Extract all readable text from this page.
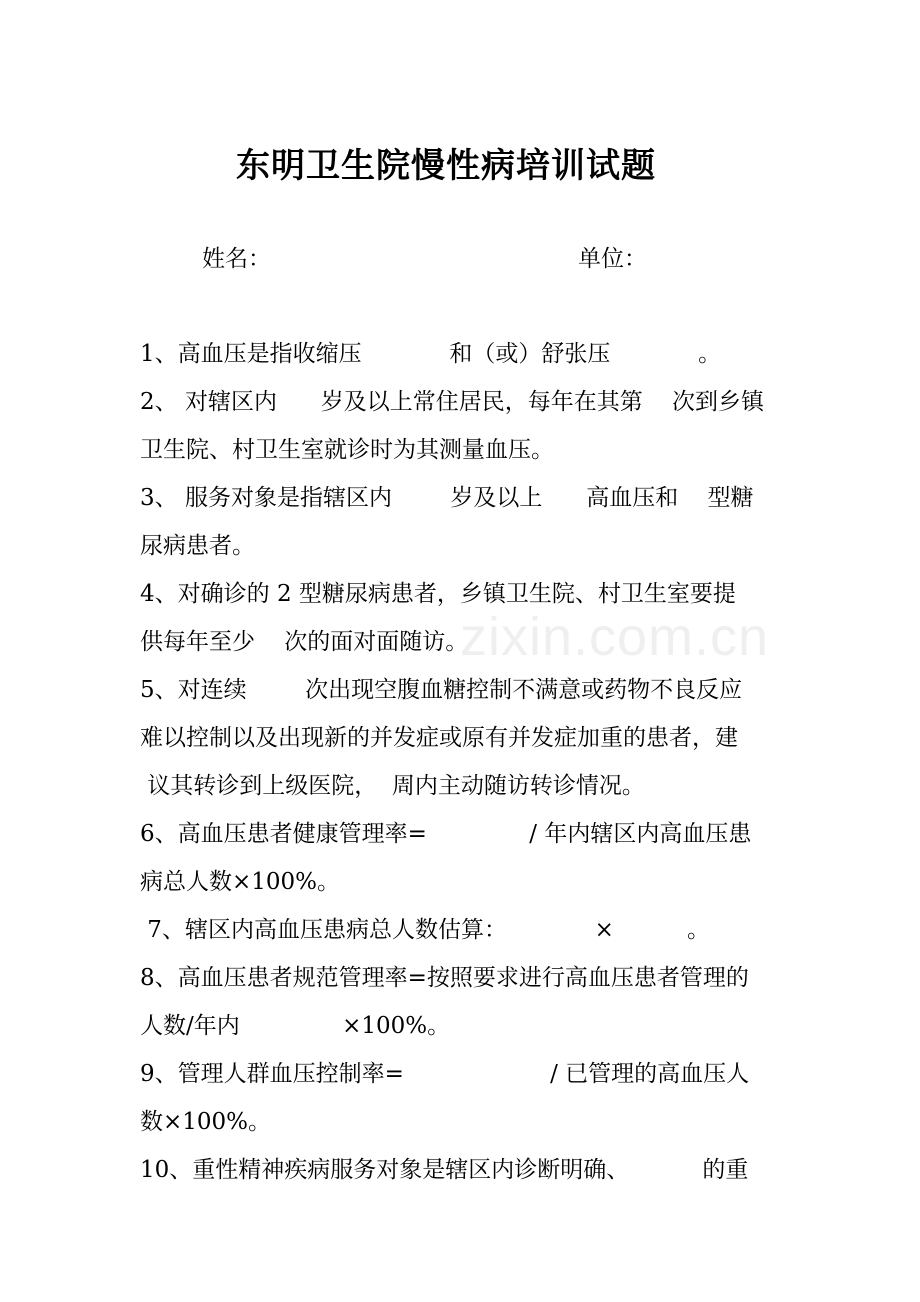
zixin.com.cn
东明卫生院慢性病培训试题
姓名：	单位：
1、高血压是指收缩压            和（或）舒张压            。
2、 对辖区内      岁及以上常住居民，每年在其第    次到乡镇
卫生院、村卫生室就诊时为其测量血压。
3、 服务对象是指辖区内        岁及以上      高血压和    型糖
尿病患者。
4、对确诊的 2 型糖尿病患者，乡镇卫生院、村卫生室要提
供每年至少    次的面对面随访。
5、对连续        次出现空腹血糖控制不满意或药物不良反应
难以控制以及出现新的并发症或原有并发症加重的患者，建
议其转诊到上级医院，  周内主动随访转诊情况。
6、高血压患者健康管理率=              / 年内辖区内高血压患
病总人数×100%。
7、辖区内高血压患病总人数估算：            ×          。
8、高血压患者规范管理率=按照要求进行高血压患者管理的
人数/年内              ×100%。
9、管理人群血压控制率=                    / 已管理的高血压人
数×100%。
10、重性精神疾病服务对象是辖区内诊断明确、          的重
